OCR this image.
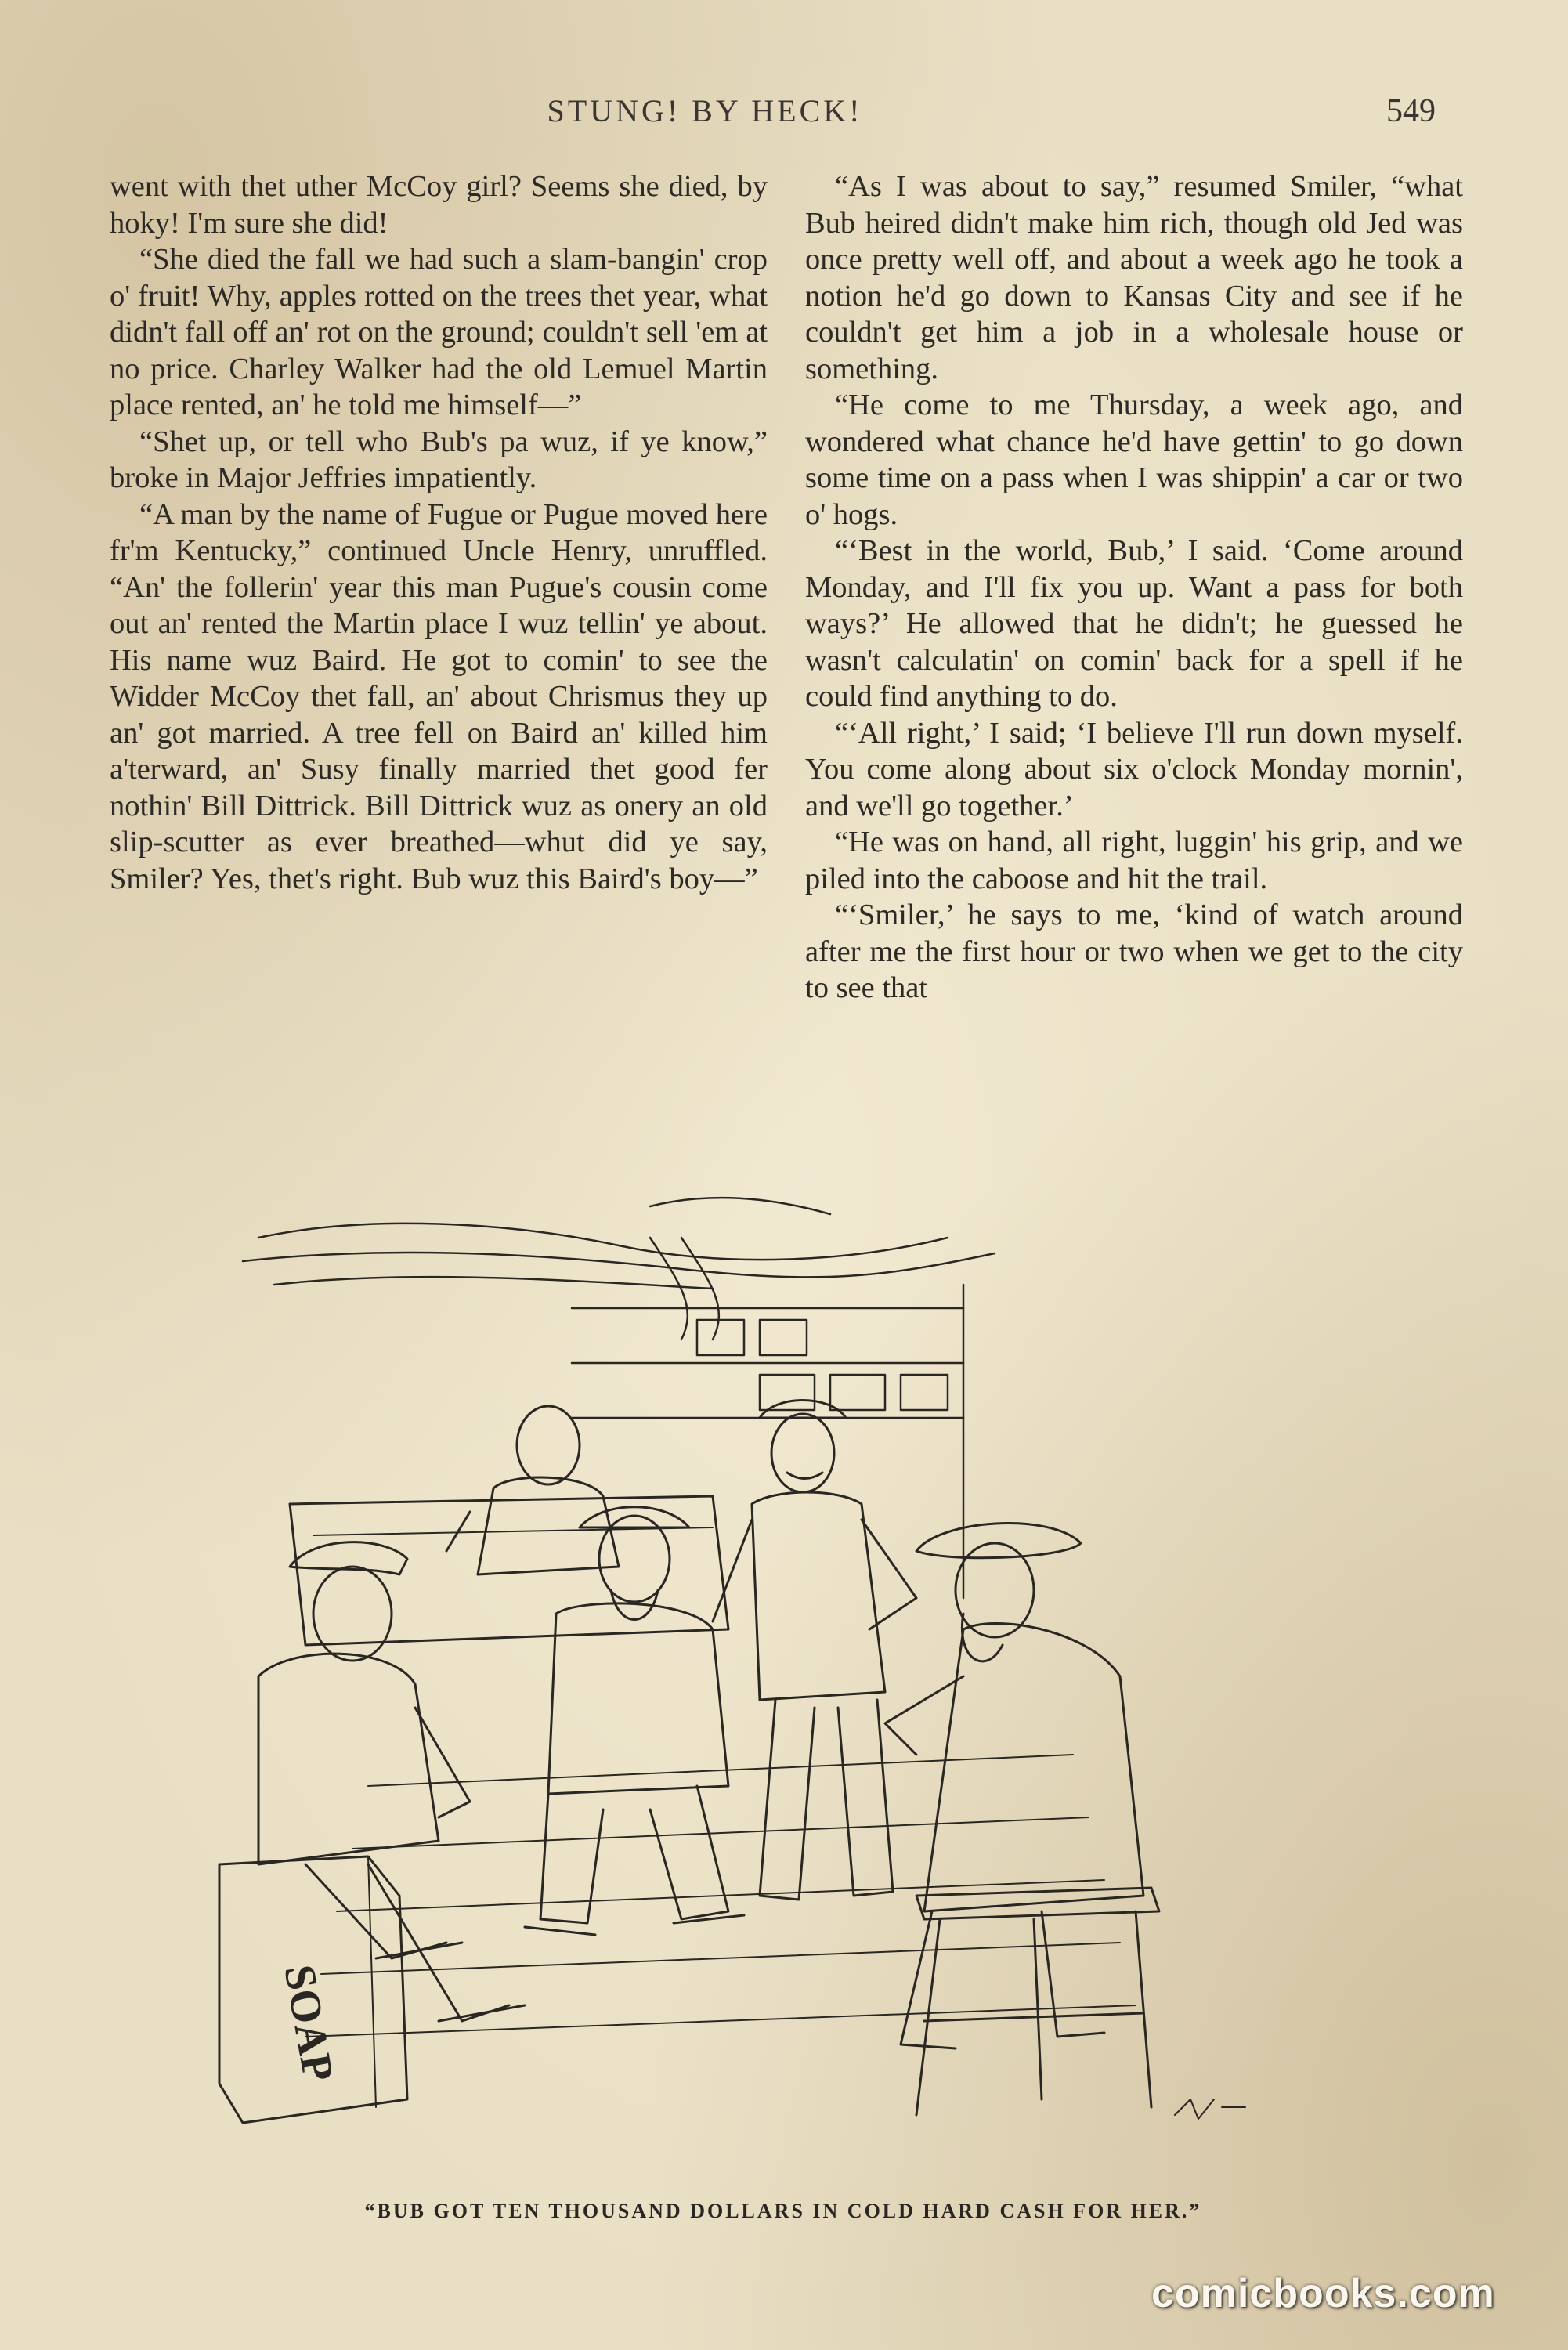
STUNG! BY HECK!	549

went with thet uther McCoy girl? Seems she died, by hoky! I'm sure she did!

“She died the fall we had such a slam-bangin' crop o' fruit! Why, apples rotted on the trees thet year, what didn't fall off an' rot on the ground; couldn't sell 'em at no price. Charley Walker had the old Lemuel Martin place rented, an' he told me himself—”

“Shet up, or tell who Bub's pa wuz, if ye know,” broke in Major Jeffries impatiently.

“A man by the name of Fugue or Pugue moved here fr'm Kentucky,” continued Uncle Henry, unruffled. “An' the follerin' year this man Pugue's cousin come out an' rented the Martin place I wuz tellin' ye about. His name wuz Baird. He got to comin' to see the Widder McCoy thet fall, an' about Chrismus they up an' got married. A tree fell on Baird an' killed him a'terward, an' Susy finally married thet good fer nothin' Bill Dittrick. Bill Dittrick wuz as onery an old slip-scutter as ever breathed—whut did ye say, Smiler? Yes, thet's right. Bub wuz this Baird's boy—”

“As I was about to say,” resumed Smiler, “what Bub heired didn't make him rich, though old Jed was once pretty well off, and about a week ago he took a notion he'd go down to Kansas City and see if he couldn't get him a job in a wholesale house or something.

“He come to me Thursday, a week ago, and wondered what chance he'd have gettin' to go down some time on a pass when I was shippin' a car or two o' hogs.

“‘Best in the world, Bub,’ I said. ‘Come around Monday, and I'll fix you up. Want a pass for both ways?’ He allowed that he didn't; he guessed he wasn't calculatin' on comin' back for a spell if he could find anything to do.

“‘All right,’ I said; ‘I believe I'll run down myself. You come along about six o'clock Monday mornin', and we'll go together.’

“He was on hand, all right, luggin' his grip, and we piled into the caboose and hit the trail.

“‘Smiler,’ he says to me, ‘kind of watch around after me the first hour or two when we get to the city to see that

SOAP
“BUB GOT TEN THOUSAND DOLLARS IN COLD HARD CASH FOR HER.”
comicbooks.com
